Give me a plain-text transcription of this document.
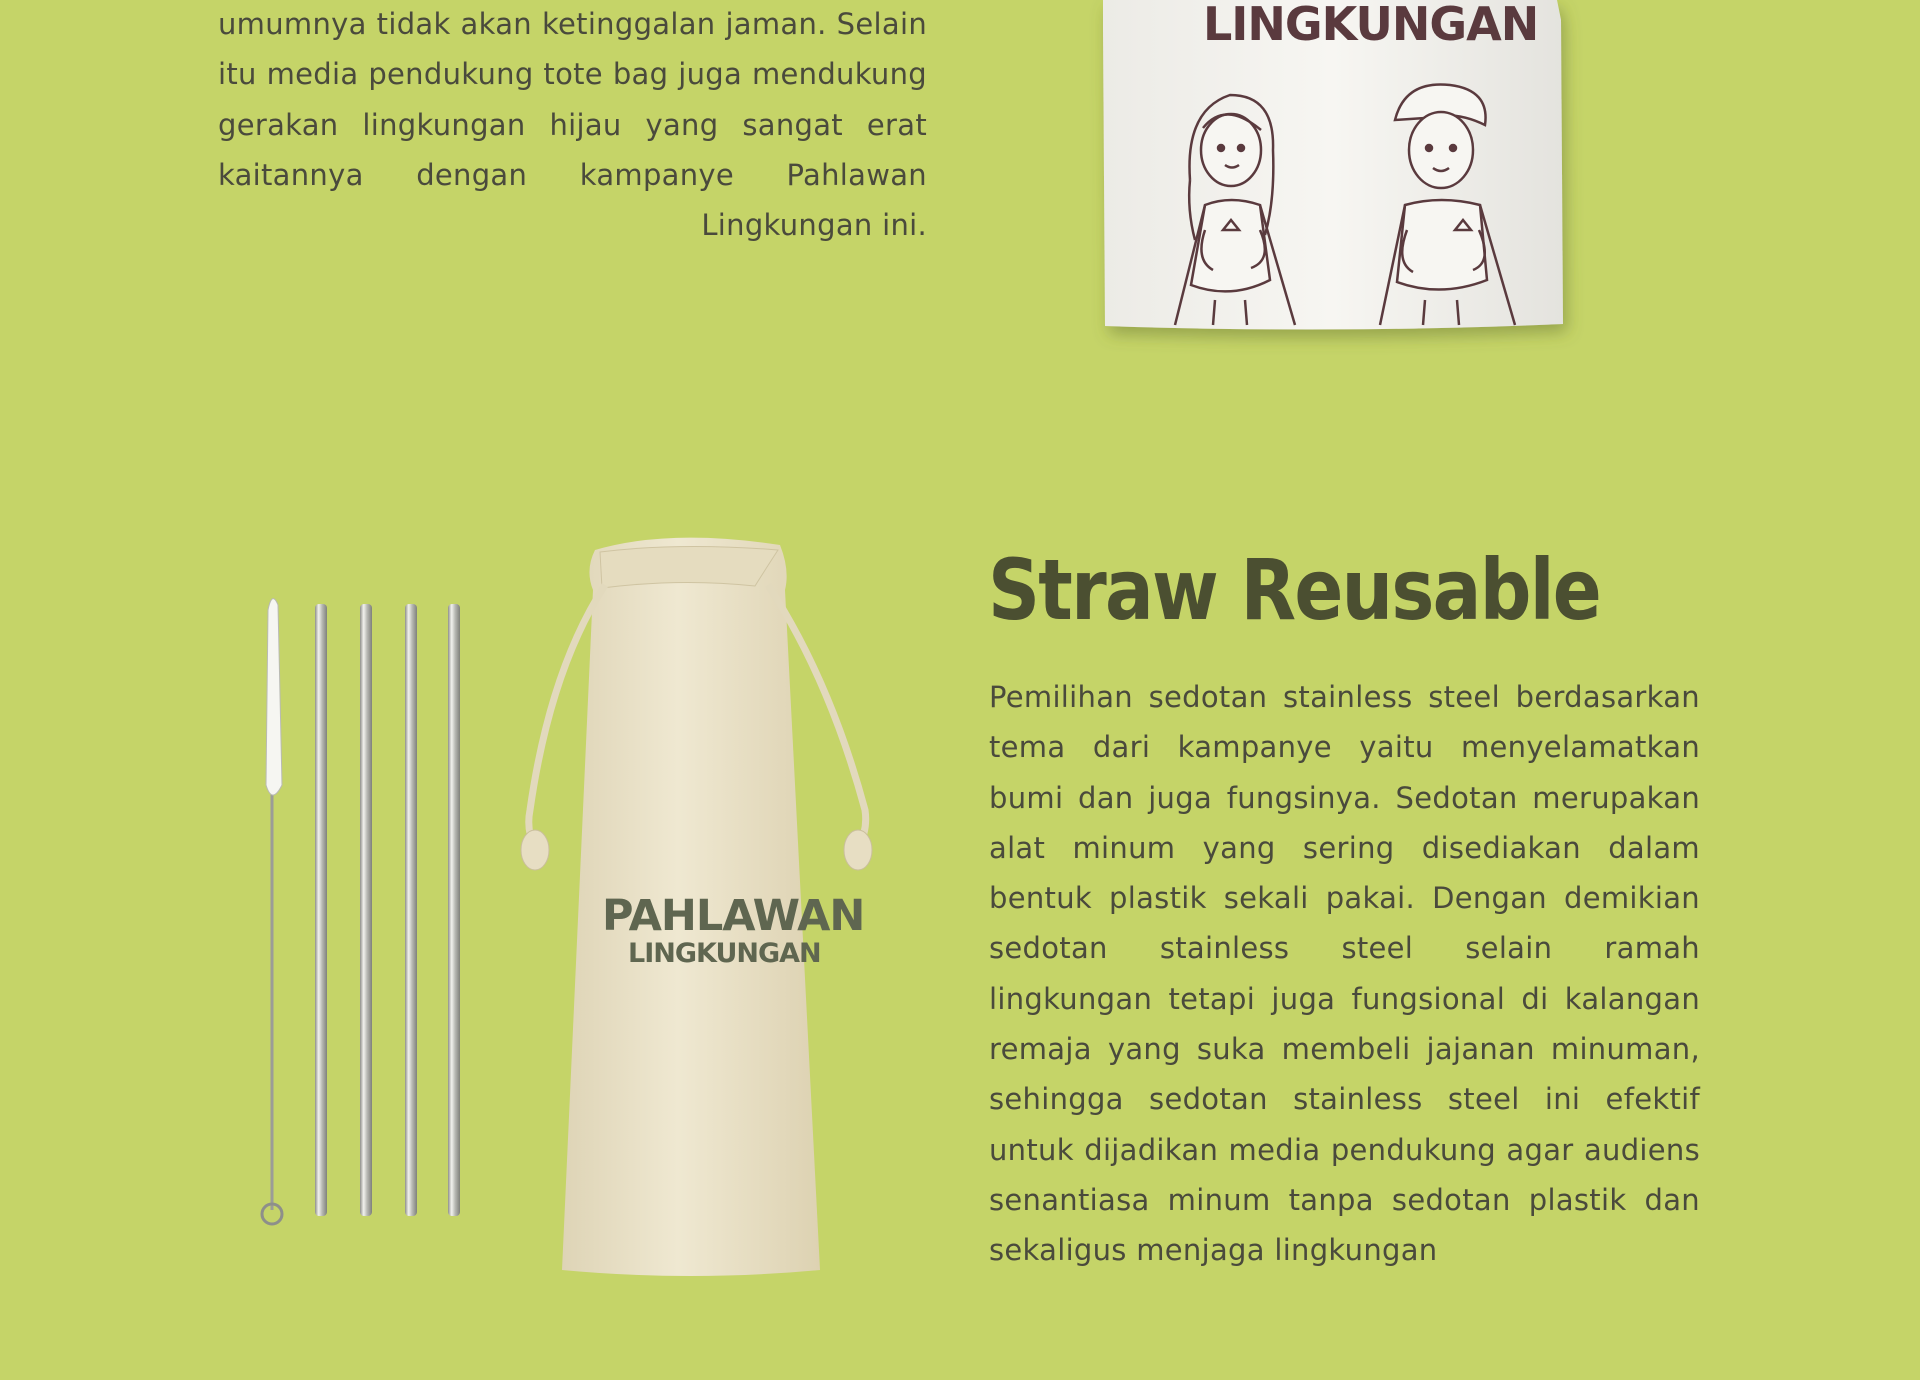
umumnya tidak akan ketinggalan jaman. Selain itu media pendukung tote bag juga mendukung gerakan lingkungan hijau yang sangat erat kaitannya dengan kampanye Pahlawan Lingkungan ini.

LINGKUNGAN
PAHLAWAN
LINGKUNGAN
Straw Reusable

Pemilihan sedotan stainless steel berdasarkan tema dari kampanye yaitu menyelamatkan bumi dan juga fungsinya. Sedotan merupakan alat minum yang sering disediakan dalam bentuk plastik sekali pakai. Dengan demikian sedotan stainless steel selain ramah lingkungan tetapi juga fungsional di kalangan remaja yang suka membeli jajanan minuman, sehingga sedotan stainless steel ini efektif untuk dijadikan media pendukung agar audiens senantiasa minum tanpa sedotan plastik dan sekaligus menjaga lingkungan
